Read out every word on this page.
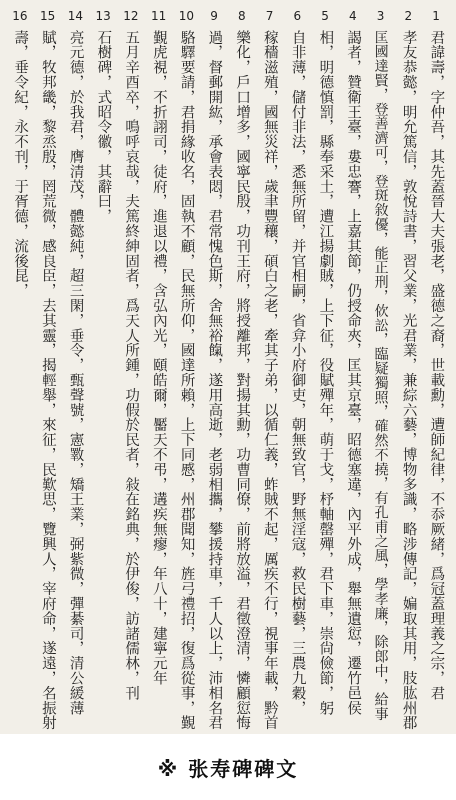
1
2
3
4
5
6
7
8
9
10
11
12
13
14
15
16
君諱壽，字仲吾，其先蓋晉大夫張老，盛德之裔，世載勳，遭師紀律，不忝厥緒，爲冠蓋理義之宗，君
孝友恭懿，明允篤信，敦悅詩書，習父業，光君業，兼綜六藝，博物多識，略涉傳記，媥取其用，肢肱州郡
匡國達賢，登善濟可，登斑敘優，能正刑，佽訟，臨疑獨照，確然不撓，有孔甫之風，學孝廉，除郎中，給事
謁者，贊衛王臺，婁忠謇，上嘉其節，仍授命夾，匡其京臺，昭德塞違，內平外成，舉無遺愆，遷竹邑侯
相，明德慎罰，縣奉采土，遭江揚劇賊，上下征，役賦殫年，萌于戈，杼軸罄殫，君下車，崇尙儉節，躬
自非薄，儲付非法，悉無所留，并官相嗣，省弇小府御吏，朝無致官，野無淫寇，救民樹藝，三農九穀，
稼穡滋殖，國無災祥，歲聿豐穰，碩白之老，牽其子弟，以循仁義，蚱賊不起，厲疾不行，視事年載，黔首
樂化，戶口增多，國寧民殷，功刊王府，將授離邦，對揚其勳，功曹同僚，前將放溢，君徵澄清，憐顧愆悔
過，督郵開紘，承會表悶，君常愧色斯，舍無裕餼，遂用高逝，老弱相攜，攀援持車，千人以上，沛相名君
駱驛要請，君捐緣收名，固執不顧，民無所仰，國達所賴，上下同慼，州郡聞知，旌弓禮招，復爲從事，覲
覲虎視，不折詡司，徒府，進退以禮，含弘內光，頤皓爾，靨天不弔，遘疾無瘳，年八十，建寧元年
五月辛酉卒，鳴呼哀哉，夫篤終紳固者，爲天人所鍾，功假於民者，敍在銘典，於伊俊，訪諸儒林，刊
石樹碑，式昭令徽，其辭曰，
亮元德，於我君，膺清茂，體懿純，超三閑，垂令，甄聲號，憲斁，矯王業，弼紫微，彈綦司，清公緩薄
賦，牧邦畿，黎烝殷，罔荒微，感良臣，去其靈，揭輕舉，來征，民歎思，覽興人，宰府命，遂遠，名振射
壽，垂令紀，永不刊，于胥德，流後昆，
※ 张寿碑碑文
